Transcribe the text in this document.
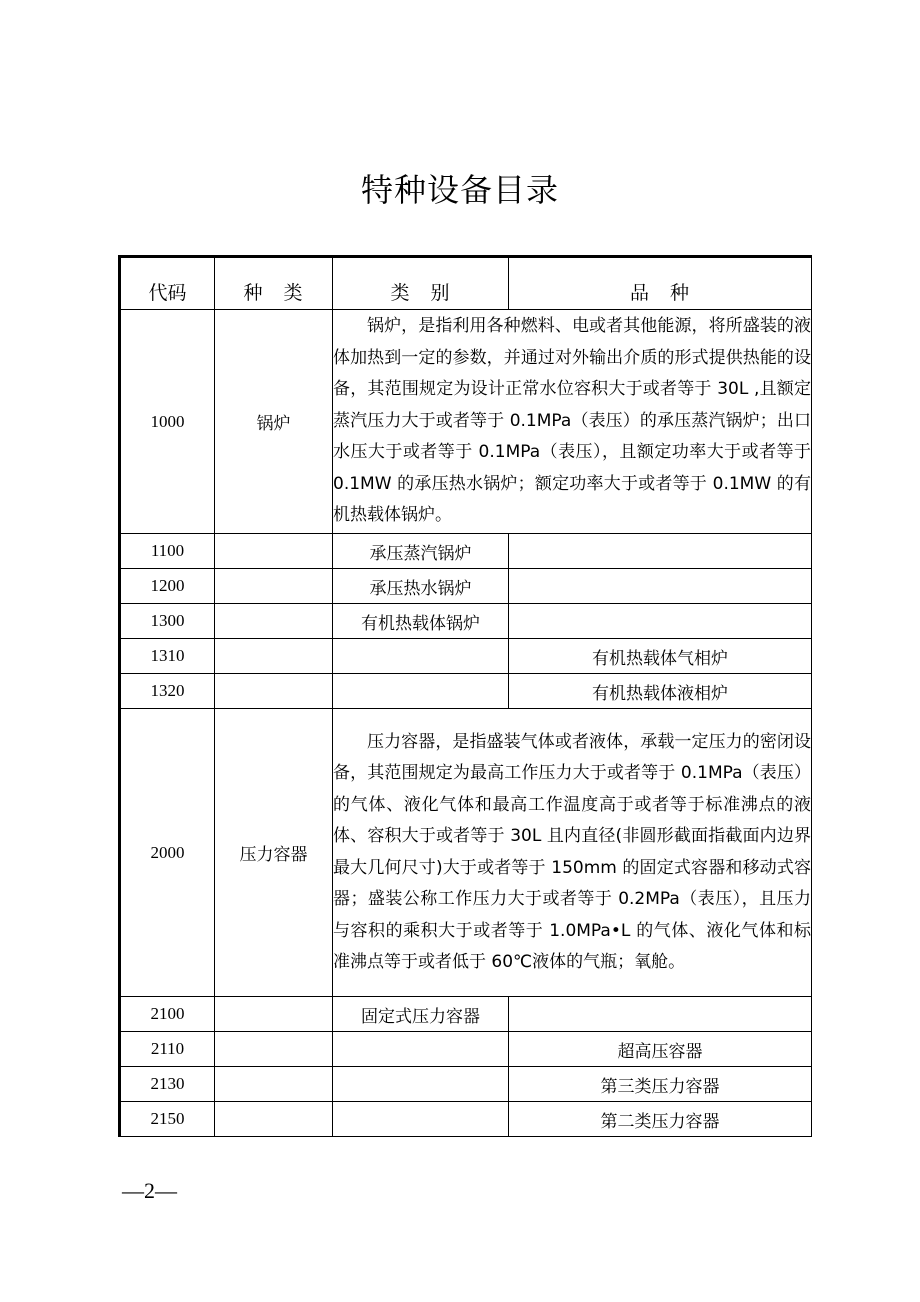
特种设备目录
代码	种　类	类　别	品　种
1000	锅炉	锅炉，是指利用各种燃料、电或者其他能源，将所盛装的液体加热到一定的参数，并通过对外输出介质的形式提供热能的设备，其范围规定为设计正常水位容积大于或者等于 30L ,且额定蒸汽压力大于或者等于 0.1MPa（表压）的承压蒸汽锅炉；出口水压大于或者等于 0.1MPa（表压），且额定功率大于或者等于 0.1MW 的承压热水锅炉；额定功率大于或者等于 0.1MW 的有机热载体锅炉。	
1100		承压蒸汽锅炉	
1200		承压热水锅炉	
1300		有机热载体锅炉	
1310			有机热载体气相炉
1320			有机热载体液相炉
2000	压力容器	压力容器，是指盛装气体或者液体，承载一定压力的密闭设备，其范围规定为最高工作压力大于或者等于 0.1MPa（表压）的气体、液化气体和最高工作温度高于或者等于标准沸点的液体、容积大于或者等于 30L 且内直径(非圆形截面指截面内边界最大几何尺寸)大于或者等于 150mm 的固定式容器和移动式容器；盛装公称工作压力大于或者等于 0.2MPa（表压），且压力与容积的乘积大于或者等于 1.0MPa•L 的气体、液化气体和标准沸点等于或者低于 60℃液体的气瓶；氧舱。	
2100		固定式压力容器	
2110			超高压容器
2130			第三类压力容器
2150			第二类压力容器
—2—
